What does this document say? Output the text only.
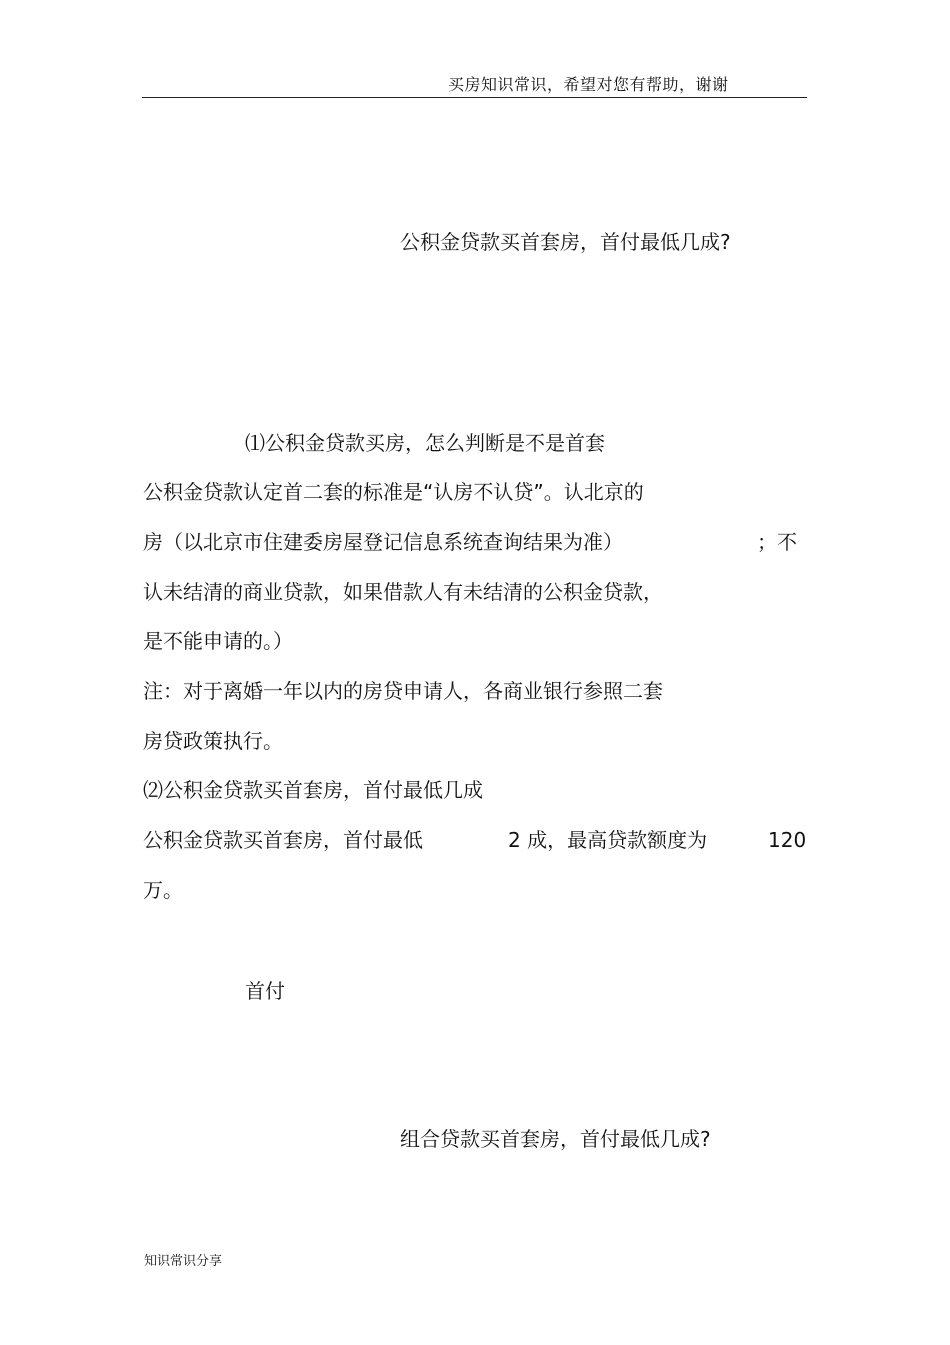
买房知识常识，希望对您有帮助，谢谢
公积金贷款买首套房，首付最低几成?
⑴公积金贷款买房，怎么判断是不是首套
公积金贷款认定首二套的标准是“认房不认贷”。认北京的
房（以北京市住建委房屋登记信息系统查询结果为准）	；不
认未结清的商业贷款，如果借款人有未结清的公积金贷款，
是不能申请的。）
注：对于离婚一年以内的房贷申请人，各商业银行参照二套
房贷政策执行。
⑵公积金贷款买首套房，首付最低几成
公积金贷款买首套房，首付最低	2 成，最高贷款额度为	120
万。
首付
组合贷款买首套房，首付最低几成?
知识常识分享
